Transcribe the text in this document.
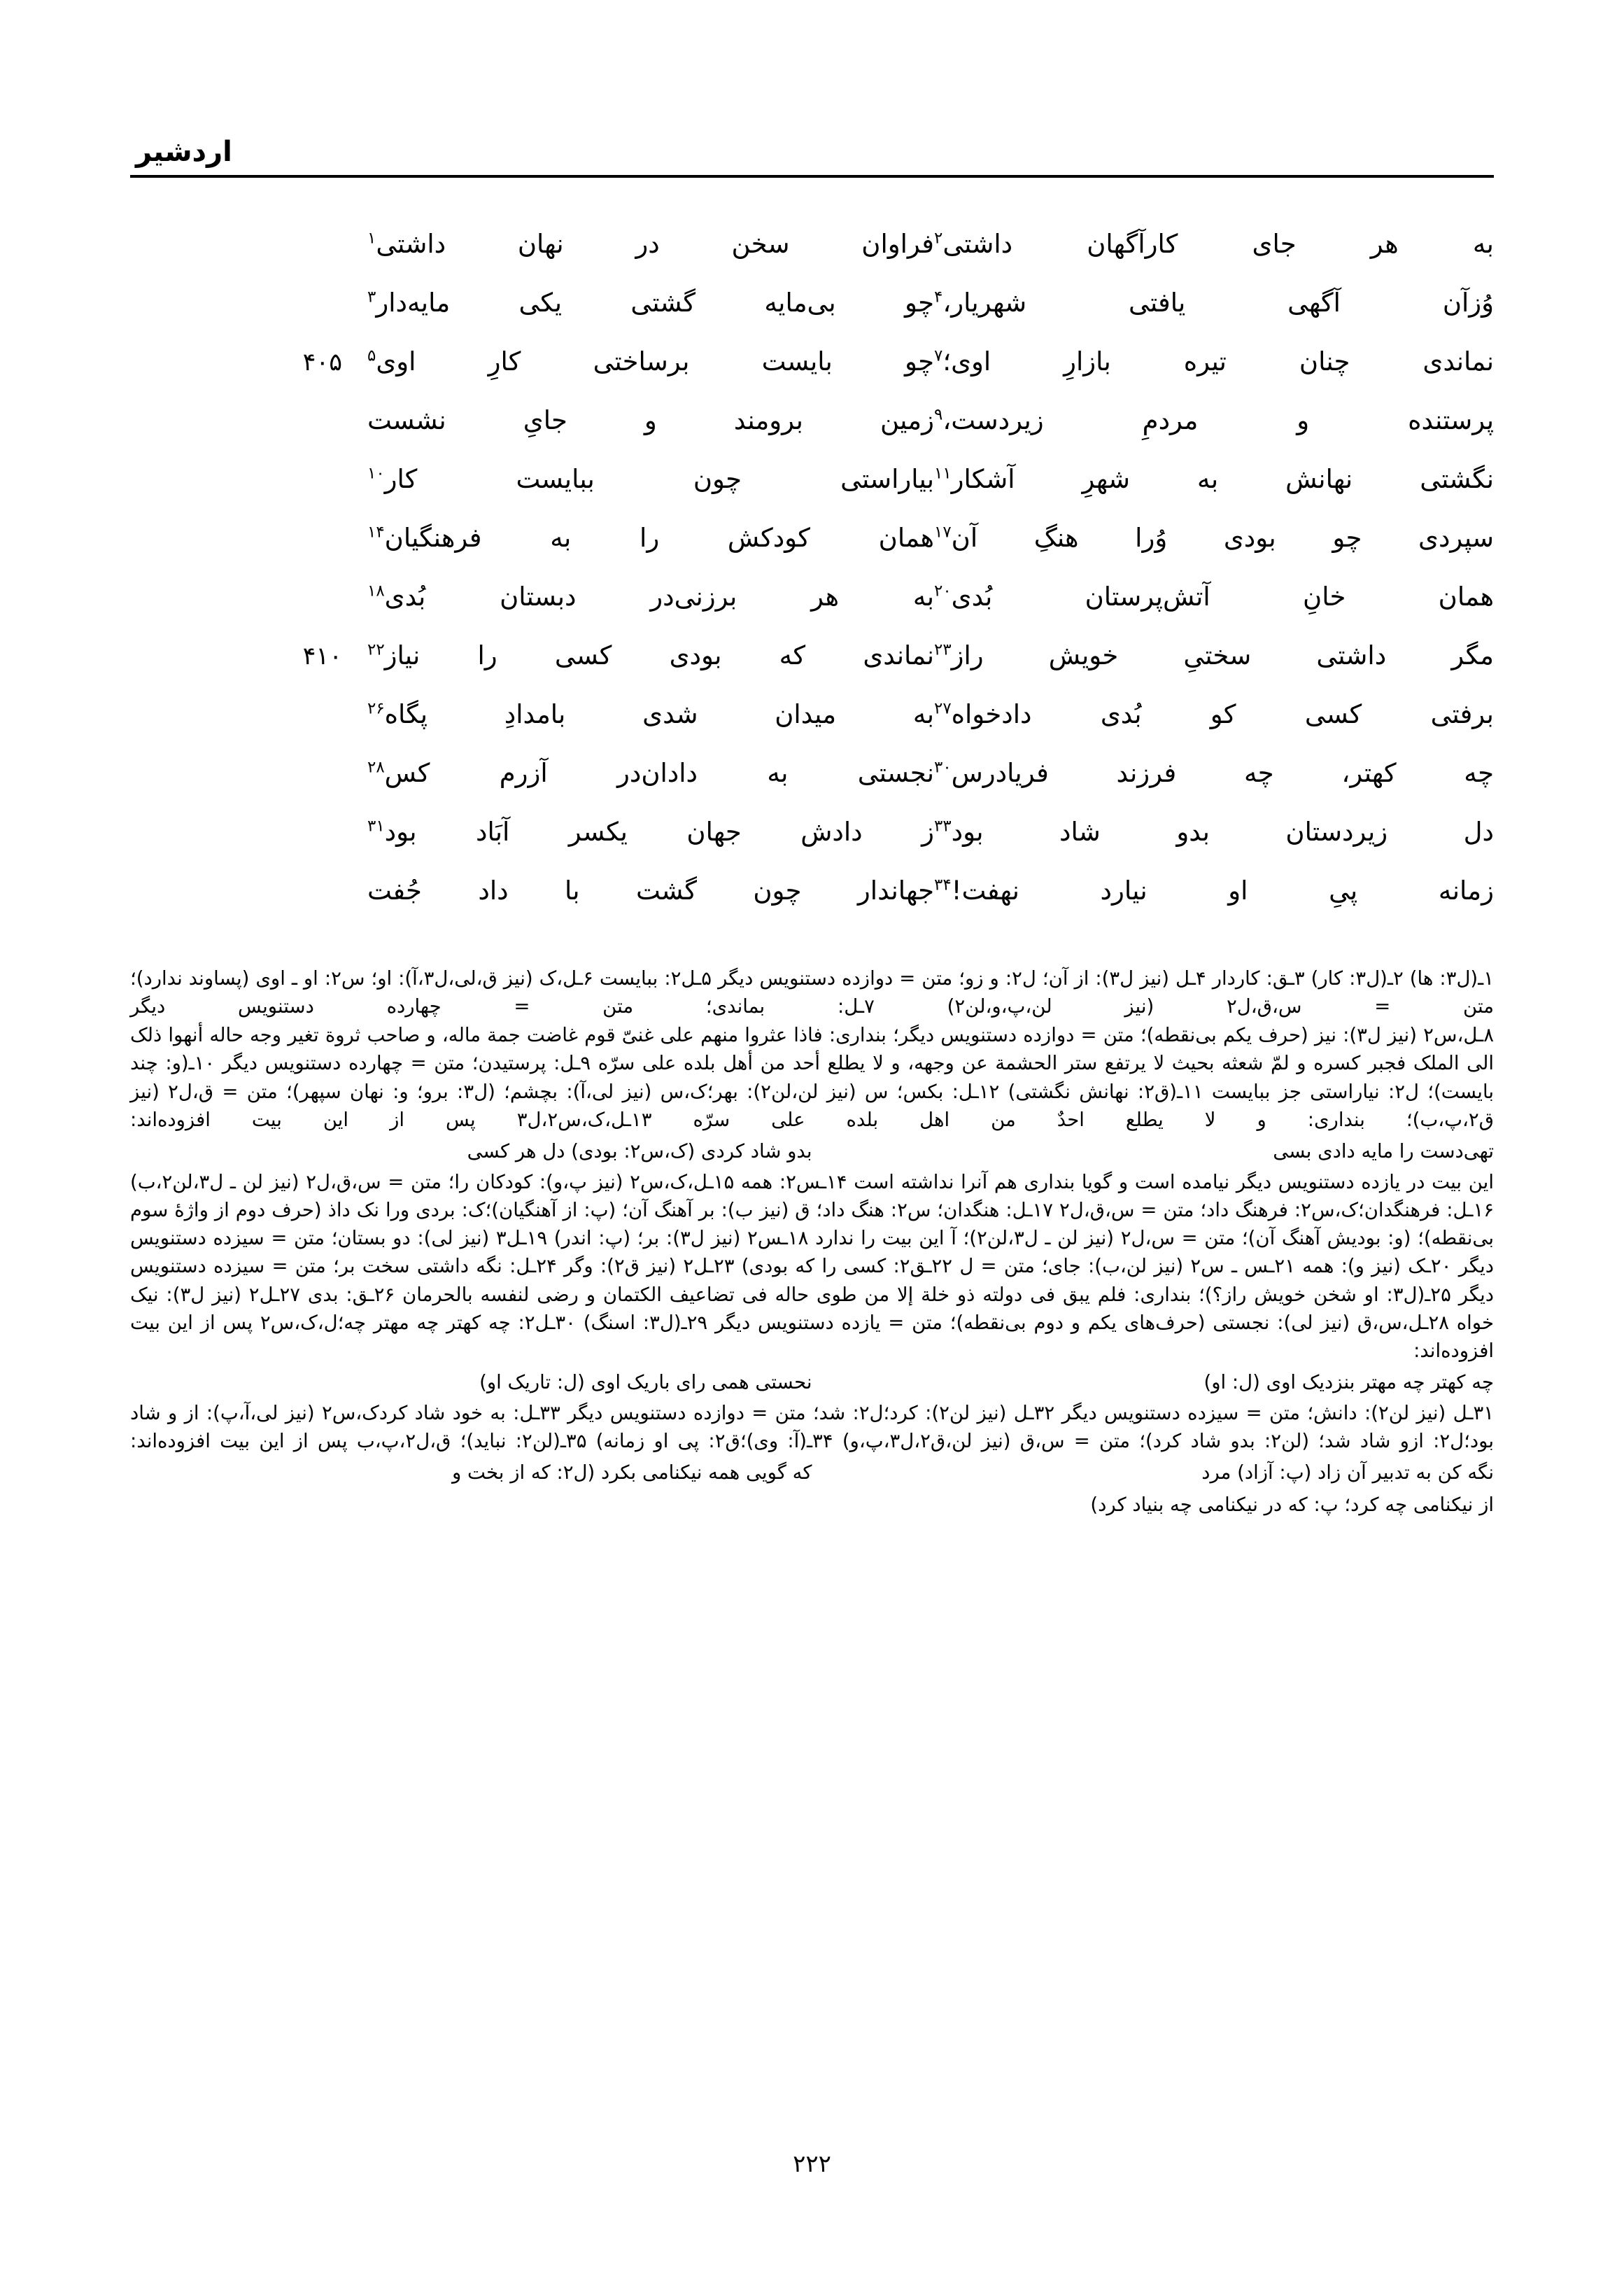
اردشیر
به هر جای کارآگهان داشتی$^۲$
فراوان سخن در نهان داشتی$^۱$
وُزآن آگهی یافتی شهریار،$^۴$
چو بی‌مایه گشتی یکی مایه‌دار$^۳$
نماندی چنان تیره بازارِ اوی؛$^۷$
چو بایست برساختی کارِ اوی$^۵$
۴۰۵
پرستنده و مردمِ زیردست،$^۹$
زمین برومند و جایِ نشست
نگشتی نهانش به شهرِ آشکار$^{۱۱}$
بیاراستی چون ببایست کار$^{۱۰}$
سپردی چو بودی وُرا هنگِ آن$^{۱۷}$
همان کودکش را به فرهنگیان$^{۱۴}$
همان خانِ آتش‌پرستان بُدی$^{۲۰}$
به هر برزنی‌در دبستان بُدی$^{۱۸}$
مگر داشتی سختیِ خویش راز$^{۲۳}$
نماندی که بودی کسی را نیاز$^{۲۲}$
۴۱۰
برفتی کسی کو بُدی دادخواه$^{۲۷}$
به میدان شدی بامدادِ پگاه$^{۲۶}$
چه کهتر، چه فرزند فریادرس$^{۳۰}$
نجستی به دادان‌در آزرم کس$^{۲۸}$
دل زیردستان بدو شاد بود$^{۳۳}$
ز دادش جهان یکسر آبَاد بود$^{۳۱}$
زمانه پیِ او نیارد نهفت!$^{۳۴}$
جهاندار چون گشت با داد جُفت

۱ـ(ل۳: ها) ۲ـ(ل۳: کار) ۳ـق: کاردار ۴ـل (نیز ل۳): از آن؛ ل۲: و زو؛ متن = دوازده دستنویس دیگر ۵ـل۲: ببایست ۶ـل،ک (نیز ق،لی،ل۳،آ): او؛ س۲: او ـ اوی (پساوند ندارد)؛ متن = س،ق،ل۲ (نیز لن،پ،و،لن۲) ۷ـل: بماندی؛ متن = چهارده دستنویس دیگر

۸ـل،س۲ (نیز ل۳): نیز (حرف یکم بی‌نقطه)؛ متن = دوازده دستنویس دیگر؛ بنداری: فاذا عثروا منهم علی غنیّ قوم غاضت جمة ماله، و صاحب ثروة تغیر وجه حاله أنهوا ذلک الی الملک فجبر کسره و لمّ شعثه بحیث لا یرتفع ستر الحشمة عن وجهه، و لا یطلع أحد من أهل بلده علی سرّه ۹ـل: پرستیدن؛ متن = چهارده دستنویس دیگر ۱۰ـ(و: چند بایست)؛ ل۲: نیاراستی جز ببایست ۱۱ـ(ق۲: نهانش نگشتی) ۱۲ـل: بکس؛ س (نیز لن،لن۲): بهر؛ک،س (نیز لی،آ): بچشم؛ (ل۳: برو؛ و: نهان سپهر)؛ متن = ق،ل۲ (نیز ق۲،پ،ب)؛ بنداری: و لا یطلع احدٌ من اهل بلده علی سرّه ۱۳ـل،ک،س۲،ل۳ پس از این بیت افزوده‌اند:

تهی‌دست را مایه دادی بسی
بدو شاد کردی (ک،س۲: بودی) دل هر کسی

این بیت در یازده دستنویس دیگر نیامده است و گویا بنداری هم آنرا نداشته است ۱۴ـس۲: همه ۱۵ـل،ک،س۲ (نیز پ،و): کودکان را؛ متن = س،ق،ل۲ (نیز لن ـ ل۳،لن۲،ب) ۱۶ـل: فرهنگدان؛ک،س۲: فرهنگ داد؛ متن = س،ق،ل۲ ۱۷ـل: هنگدان؛ س۲: هنگ داد؛ ق (نیز ب): بر آهنگ آن؛ (پ: از آهنگیان)؛ک: بردی ورا نک داذ (حرف دوم از واژهٔ سوم بی‌نقطه)؛ (و: بودیش آهنگ آن)؛ متن = س،ل۲ (نیز لن ـ ل۳،لن۲)؛ آ این بیت را ندارد ۱۸ـس۲ (نیز ل۳): بر؛ (پ: اندر) ۱۹ـل۳ (نیز لی): دو بستان؛ متن = سیزده دستنویس دیگر ۲۰ـک (نیز و): همه ۲۱ـس ـ س۲ (نیز لن،ب): جای؛ متن = ل ۲۲ـق۲: کسی را که بودی) ۲۳ـل۲ (نیز ق۲): وگر ۲۴ـل: نگه داشتی سخت بر؛ متن = سیزده دستنویس دیگر ۲۵ـ(ل۳: او شخن خویش راز؟)؛ بنداری: فلم یبق فی دولته ذو خلة إلا من طوی حاله فی تضاعیف الکتمان و رضی لنفسه بالحرمان ۲۶ـق: بدی ۲۷ـل۲ (نیز ل۳): نیک خواه ۲۸ـل،س،ق (نیز لی): نجستی (حرف‌های یکم و دوم بی‌نقطه)؛ متن = یازده دستنویس دیگر ۲۹ـ(ل۳: اسنگ) ۳۰ـل۲: چه کهتر چه مهتر چه؛ل،ک،س۲ پس از این بیت افزوده‌اند:

چه کهتر چه مهتر بنزدیک اوی (ل: او)
نحستی همی رای باریک اوی (ل: تاریک او)

۳۱ـل (نیز لن۲): دانش؛ متن = سیزده دستنویس دیگر ۳۲ـل (نیز لن۲): کرد؛ل۲: شد؛ متن = دوازده دستنویس دیگر ۳۳ـل: به خود شاد کردک،س۲ (نیز لی،آ،پ): از و شاد بود؛ل۲: ازو شاد شد؛ (لن۲: بدو شاد کرد)؛ متن = س،ق (نیز لن،ق۲،ل۳،پ،و) ۳۴ـ(آ: وی)؛ق۲: پی او زمانه) ۳۵ـ(لن۲: نباید)؛ ق،ل۲،پ،ب پس از این بیت افزوده‌اند:

نگه کن به تدبیر آن زاد (پ: آزاد) مرد
که گویی همه نیکنامی بکرد (ل۲: که از بخت و
از نیکنامی چه کرد؛ پ: که در نیکنامی چه بنیاد کرد)
۲۲۲
